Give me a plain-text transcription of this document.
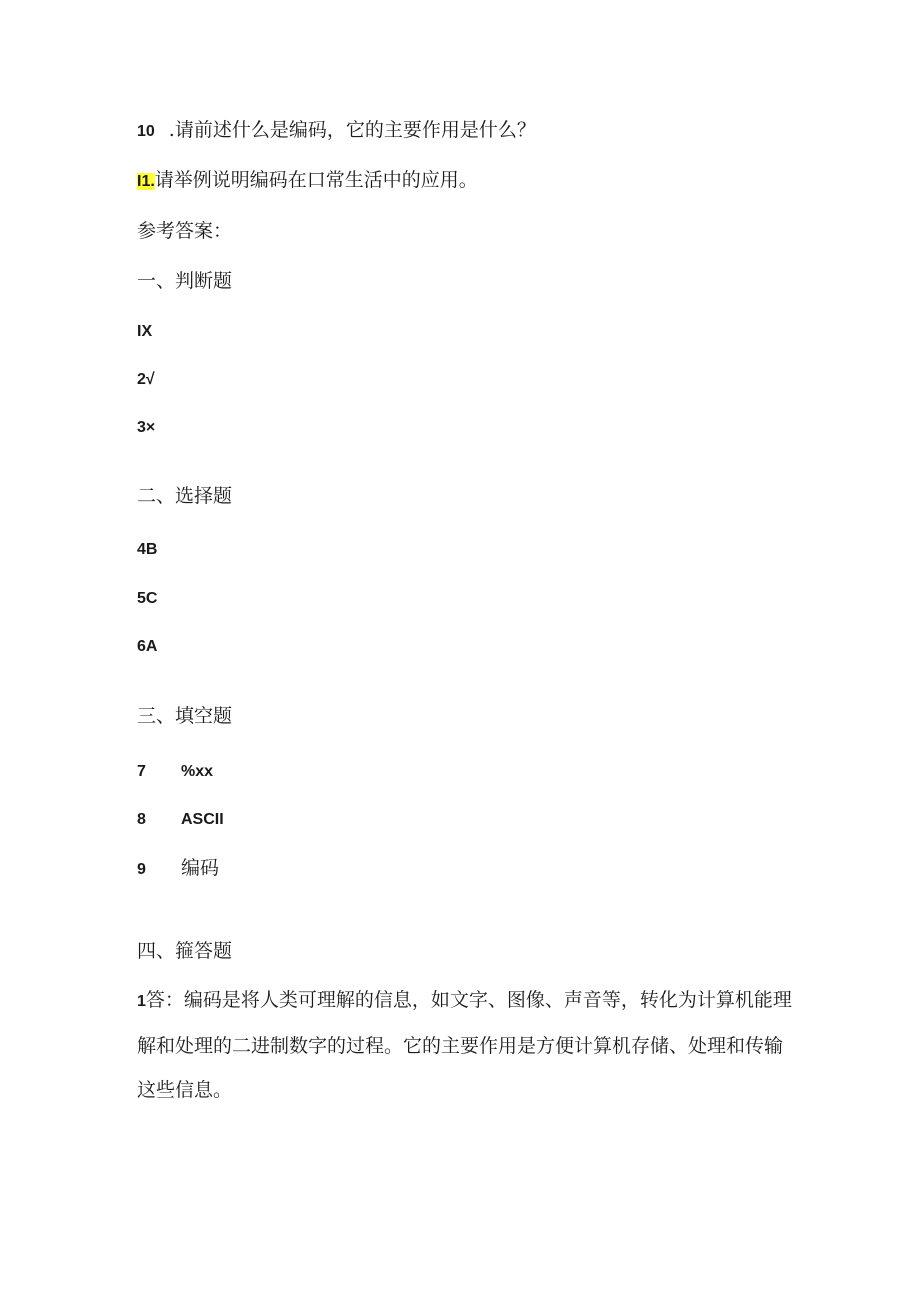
10 .请前述什么是编码，它的主要作用是什么？
I1.请举例说明编码在口常生活中的应用。
参考答案：
一、判断题
IX
2√
3×
二、选择题
4B
5C
6A
三、填空题
7 %xx
8 ASCII
9 编码
四、箍答题
1答：编码是将人类可理解的信息，如文字、图像、声音等，转化为计算机能理解和处理的二进制数字的过程。它的主要作用是方便计算机存储、处理和传输这些信息。
